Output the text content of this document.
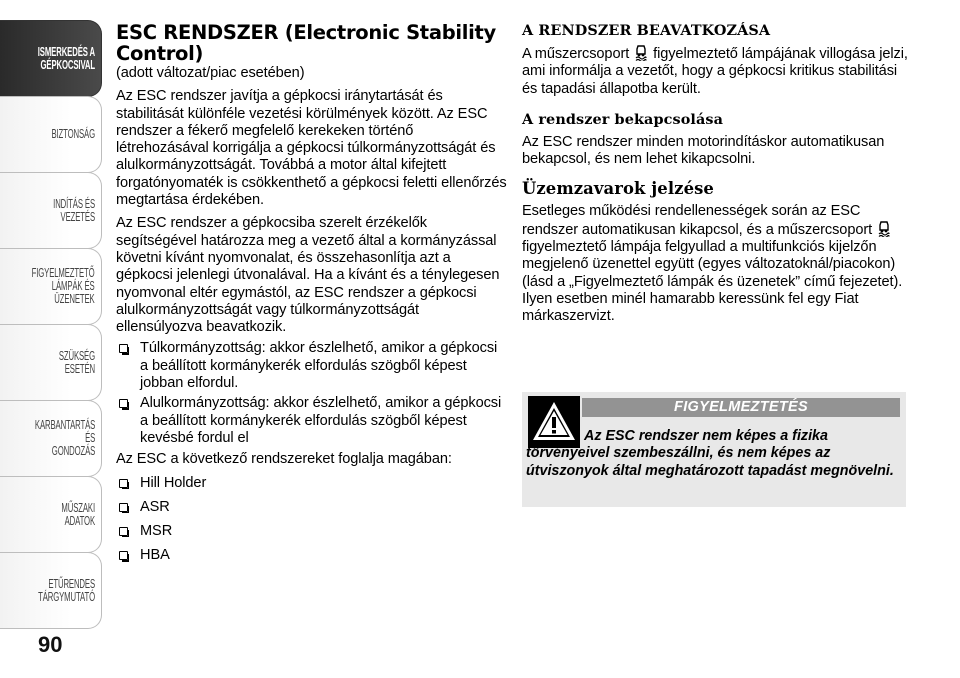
ISMERKEDÉS A
GÉPKOCSIVAL
BIZTONSÁG
INDÍTÁS ÉS VEZETÉS
FIGYELMEZTETŐ
LÁMPÁK ÉS
ÜZENETEK
SZÜKSÉG ESETÉN
KARBANTARTÁS ÉS
GONDOZÁS
MŰSZAKI ADATOK
ETŰRENDES
TÁRGYMUTATÓ
90
ESC RENDSZER (Electronic Stability Control)

(adott változat/piac esetében)

Az ESC rendszer javítja a gépkocsi iránytartását és stabilitását különféle vezetési körülmények között. Az ESC rendszer a fékerő megfelelő kerekeken történő létrehozásával korrigálja a gépkocsi túlkormányzottságát és alulkormányzottságát. Továbbá a motor által kifejtett forgatónyomaték is csökkenthető a gépkocsi feletti ellenőrzés megtartása érdekében.

Az ESC rendszer a gépkocsiba szerelt érzékelők segítségével határozza meg a vezető által a kormányzással követni kívánt nyomvonalat, és összehasonlítja azt a gépkocsi jelenlegi útvonalával. Ha a kívánt és a ténylegesen nyomvonal eltér egymástól, az ESC rendszer a gépkocsi alulkormányzottságát vagy túlkormányzottságát ellensúlyozva beavatkozik.

Túlkormányzottság: akkor észlelhető, amikor a gépkocsi a beállított kormánykerék elfordulás szögből képest jobban elfordul.
Alulkormányzottság: akkor észlelhető, amikor a gépkocsi a beállított kormánykerék elfordulás szögből képest kevésbé fordul el

Az ESC a következő rendszereket foglalja magában:

Hill Holder
ASR
MSR
HBA
A RENDSZER BEAVATKOZÁSA

A műszercsoport figyelmeztető lámpájának villogása jelzi, ami informálja a vezetőt, hogy a gépkocsi kritikus stabilitási és tapadási állapotba került.

A rendszer bekapcsolása

Az ESC rendszer minden motorindításkor automatikusan bekapcsol, és nem lehet kikapcsolni.

Üzemzavarok jelzése

Esetleges működési rendellenességek során az ESC rendszer automatikusan kikapcsol, és a műszercsoport  figyelmeztető lámpája felgyullad a multifunkciós kijelzőn megjelenő üzenettel együtt (egyes változatoknál/piacokon) (lásd a „Figyelmeztető lámpák és üzenetek” című fejezetet). Ilyen esetben minél hamarabb keressünk fel egy Fiat márkaszervizt.

FIGYELMEZTETÉS

Az ESC rendszer nem képes a fizika törvényeivel szembeszállni, és nem képes az útviszonyok által meghatározott tapadást megnövelni.
